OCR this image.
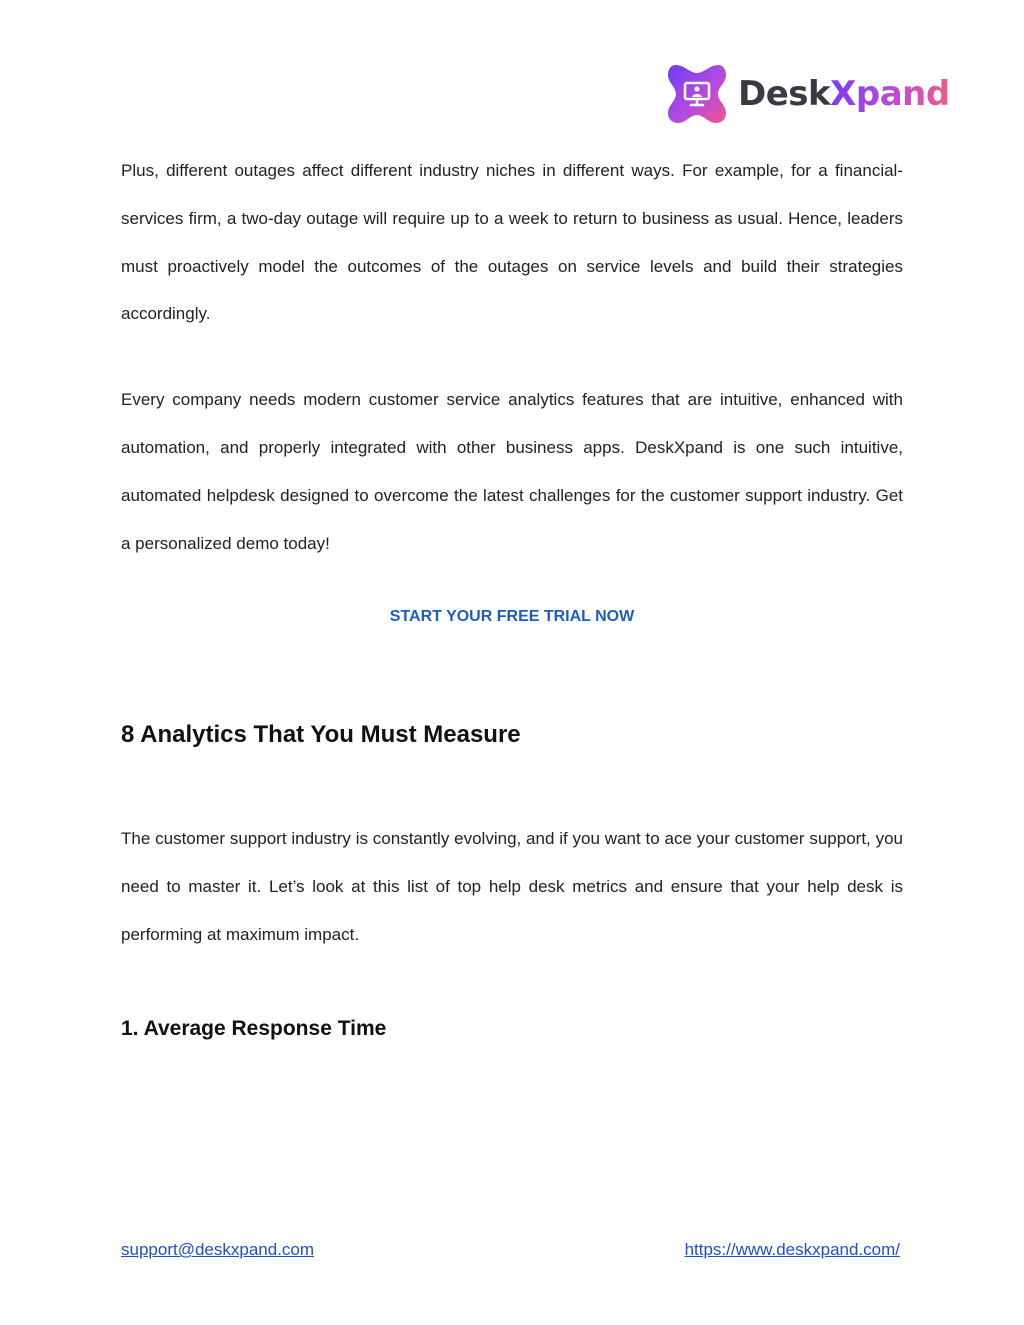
DeskXpand

Plus, different outages affect different industry niches in different ways. For example, for a financial-services firm, a two-day outage will require up to a week to return to business as usual. Hence, leaders must proactively model the outcomes of the outages on service levels and build their strategies accordingly.

Every company needs modern customer service analytics features that are intuitive, enhanced with automation, and properly integrated with other business apps. DeskXpand is one such intuitive, automated helpdesk designed to overcome the latest challenges for the customer support industry. Get a personalized demo today!

START YOUR FREE TRIAL NOW
8 Analytics That You Must Measure

The customer support industry is constantly evolving, and if you want to ace your customer support, you need to master it. Let’s look at this list of top help desk metrics and ensure that your help desk is performing at maximum impact.

1. Average Response Time
support@deskxpand.com	https://www.deskxpand.com/
